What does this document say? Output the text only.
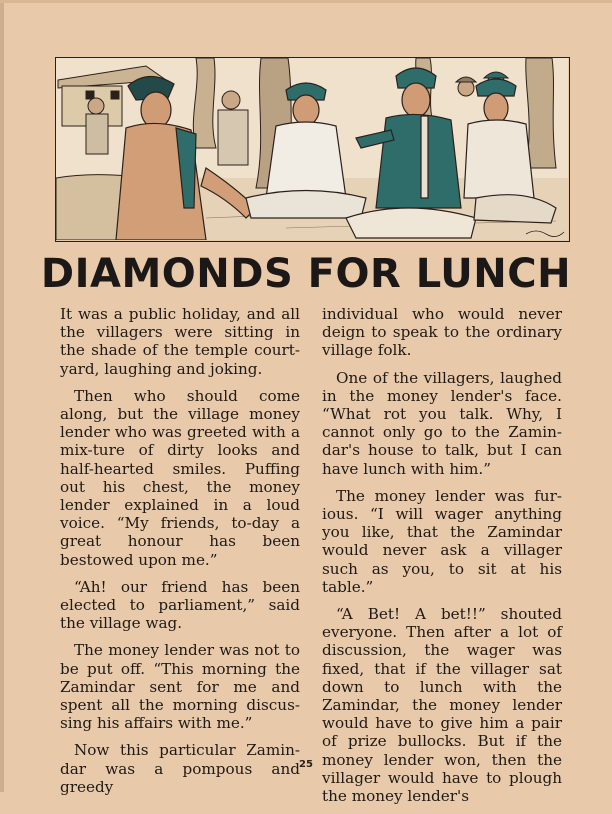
DIAMONDS FOR LUNCH

It was a public holiday, and all the villagers were sitting in the shade of the temple court-yard, laughing and joking.

Then who should come along, but the village money lender who was greeted with a mix-ture of dirty looks and half-hearted smiles. Puffing out his chest, the money lender explained in a loud voice. “My friends, to-day a great honour has been bestowed upon me.”

“Ah! our friend has been elected to parliament,” said the village wag.

The money lender was not to be put off. “This morning the Zamindar sent for me and spent all the morning discus-sing his affairs with me.”

Now this particular Zamin-dar was a pompous and greedy

individual who would never deign to speak to the ordinary village folk.

One of the villagers, laughed in the money lender's face. “What rot you talk. Why, I cannot only go to the Zamin-dar's house to talk, but I can have lunch with him.”

The money lender was fur-ious. “I will wager anything you like, that the Zamindar would never ask a villager such as you, to sit at his table.”

“A Bet! A bet!!” shouted everyone. Then after a lot of discussion, the wager was fixed, that if the villager sat down to lunch with the Zamindar, the money lender would have to give him a pair of prize bullocks. But if the money lender won, then the villager would have to plough the money lender's

25
